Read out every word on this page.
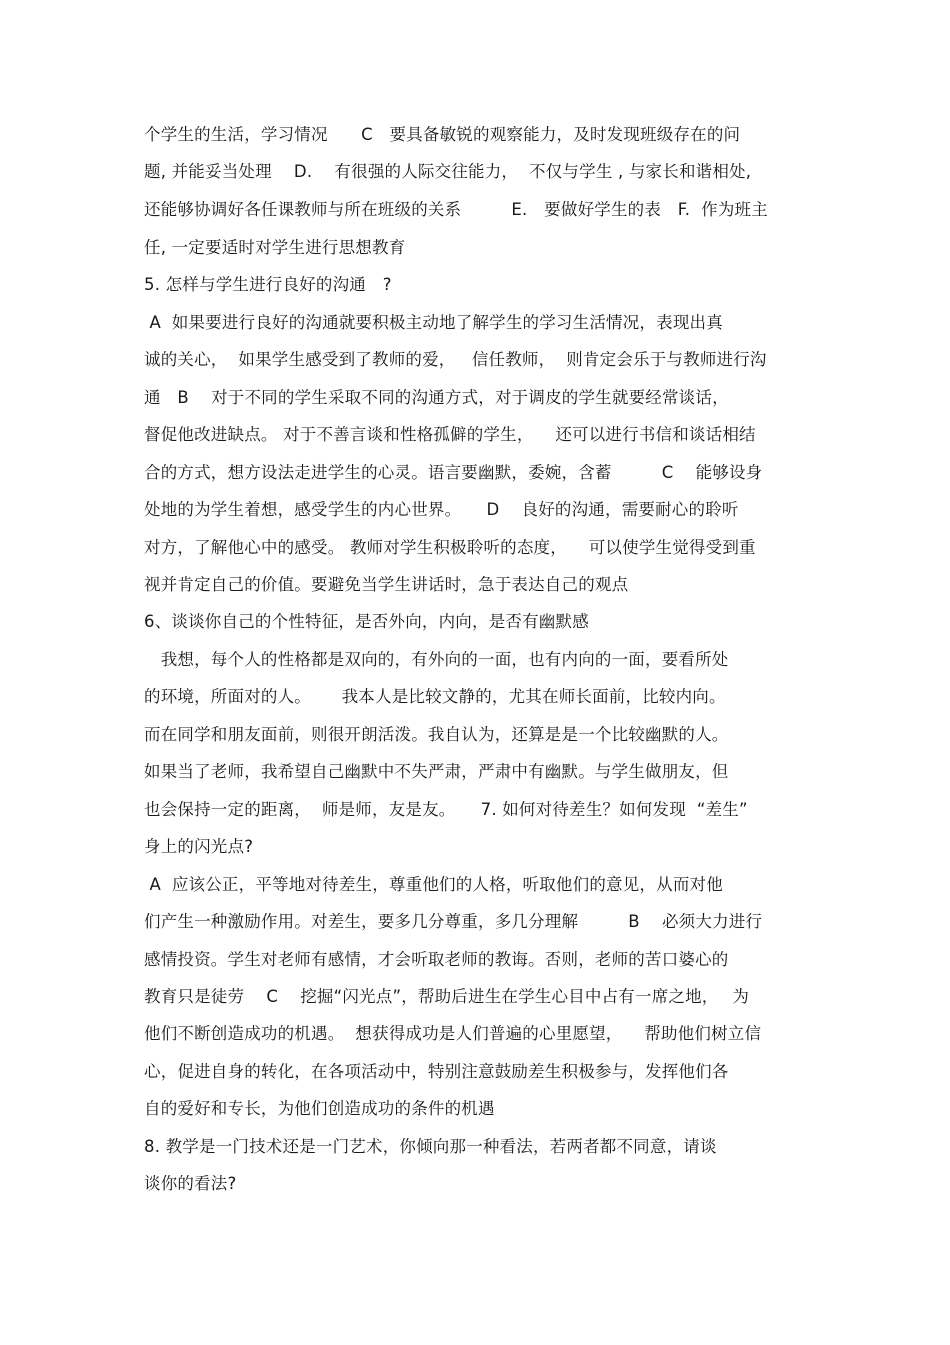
个学生的生活，学习情况　　C　要具备敏锐的观察能力，及时发现班级存在的问
题, 并能妥当处理　 D.　 有很强的人际交往能力，  不仅与学生 , 与家长和谐相处,
还能够协调好各任课教师与所在班级的关系　　　E.　要做好学生的表　F.  作为班主
任, 一定要适时对学生进行思想教育
5. 怎样与学生进行良好的沟通　?
A  如果要进行良好的沟通就要积极主动地了解学生的学习生活情况，表现出真
诚的关心，  如果学生感受到了教师的爱，   信任教师，  则肯定会乐于与教师进行沟
通　B　 对于不同的学生采取不同的沟通方式，对于调皮的学生就要经常谈话，
督促他改进缺点。 对于不善言谈和性格孤僻的学生，    还可以进行书信和谈话相结
合的方式，想方设法走进学生的心灵。语言要幽默，委婉，含蓄　　　C　 能够设身
处地的为学生着想，感受学生的内心世界。　　D　 良好的沟通，需要耐心的聆听
对方，了解他心中的感受。 教师对学生积极聆听的态度，    可以使学生觉得受到重
视并肯定自己的价值。要避免当学生讲话时，急于表达自己的观点
6、谈谈你自己的个性特征，是否外向，内向，是否有幽默感
　我想，每个人的性格都是双向的，有外向的一面，也有内向的一面，要看所处
的环境，所面对的人。　　 我本人是比较文静的，尤其在师长面前，比较内向。
而在同学和朋友面前，则很开朗活泼。我自认为，还算是是一个比较幽默的人。
如果当了老师，我希望自己幽默中不失严肃，严肃中有幽默。与学生做朋友，但
也会保持一定的距离，  师是师，友是友。　　7. 如何对待差生？如何发现  “差生”
身上的闪光点?
A  应该公正，平等地对待差生，尊重他们的人格，听取他们的意见，从而对他
们产生一种激励作用。对差生，要多几分尊重，多几分理解　　　B　 必须大力进行
感情投资。学生对老师有感情，才会听取老师的教诲。否则，老师的苦口婆心的
教育只是徒劳　 C　 挖掘“闪光点”，帮助后进生在学生心目中占有一席之地，　 为
他们不断创造成功的机遇。  想获得成功是人们普遍的心里愿望，    帮助他们树立信
心，促进自身的转化，在各项活动中，特别注意鼓励差生积极参与，发挥他们各
自的爱好和专长，为他们创造成功的条件的机遇
8. 教学是一门技术还是一门艺术，你倾向那一种看法，若两者都不同意，请谈
谈你的看法?
